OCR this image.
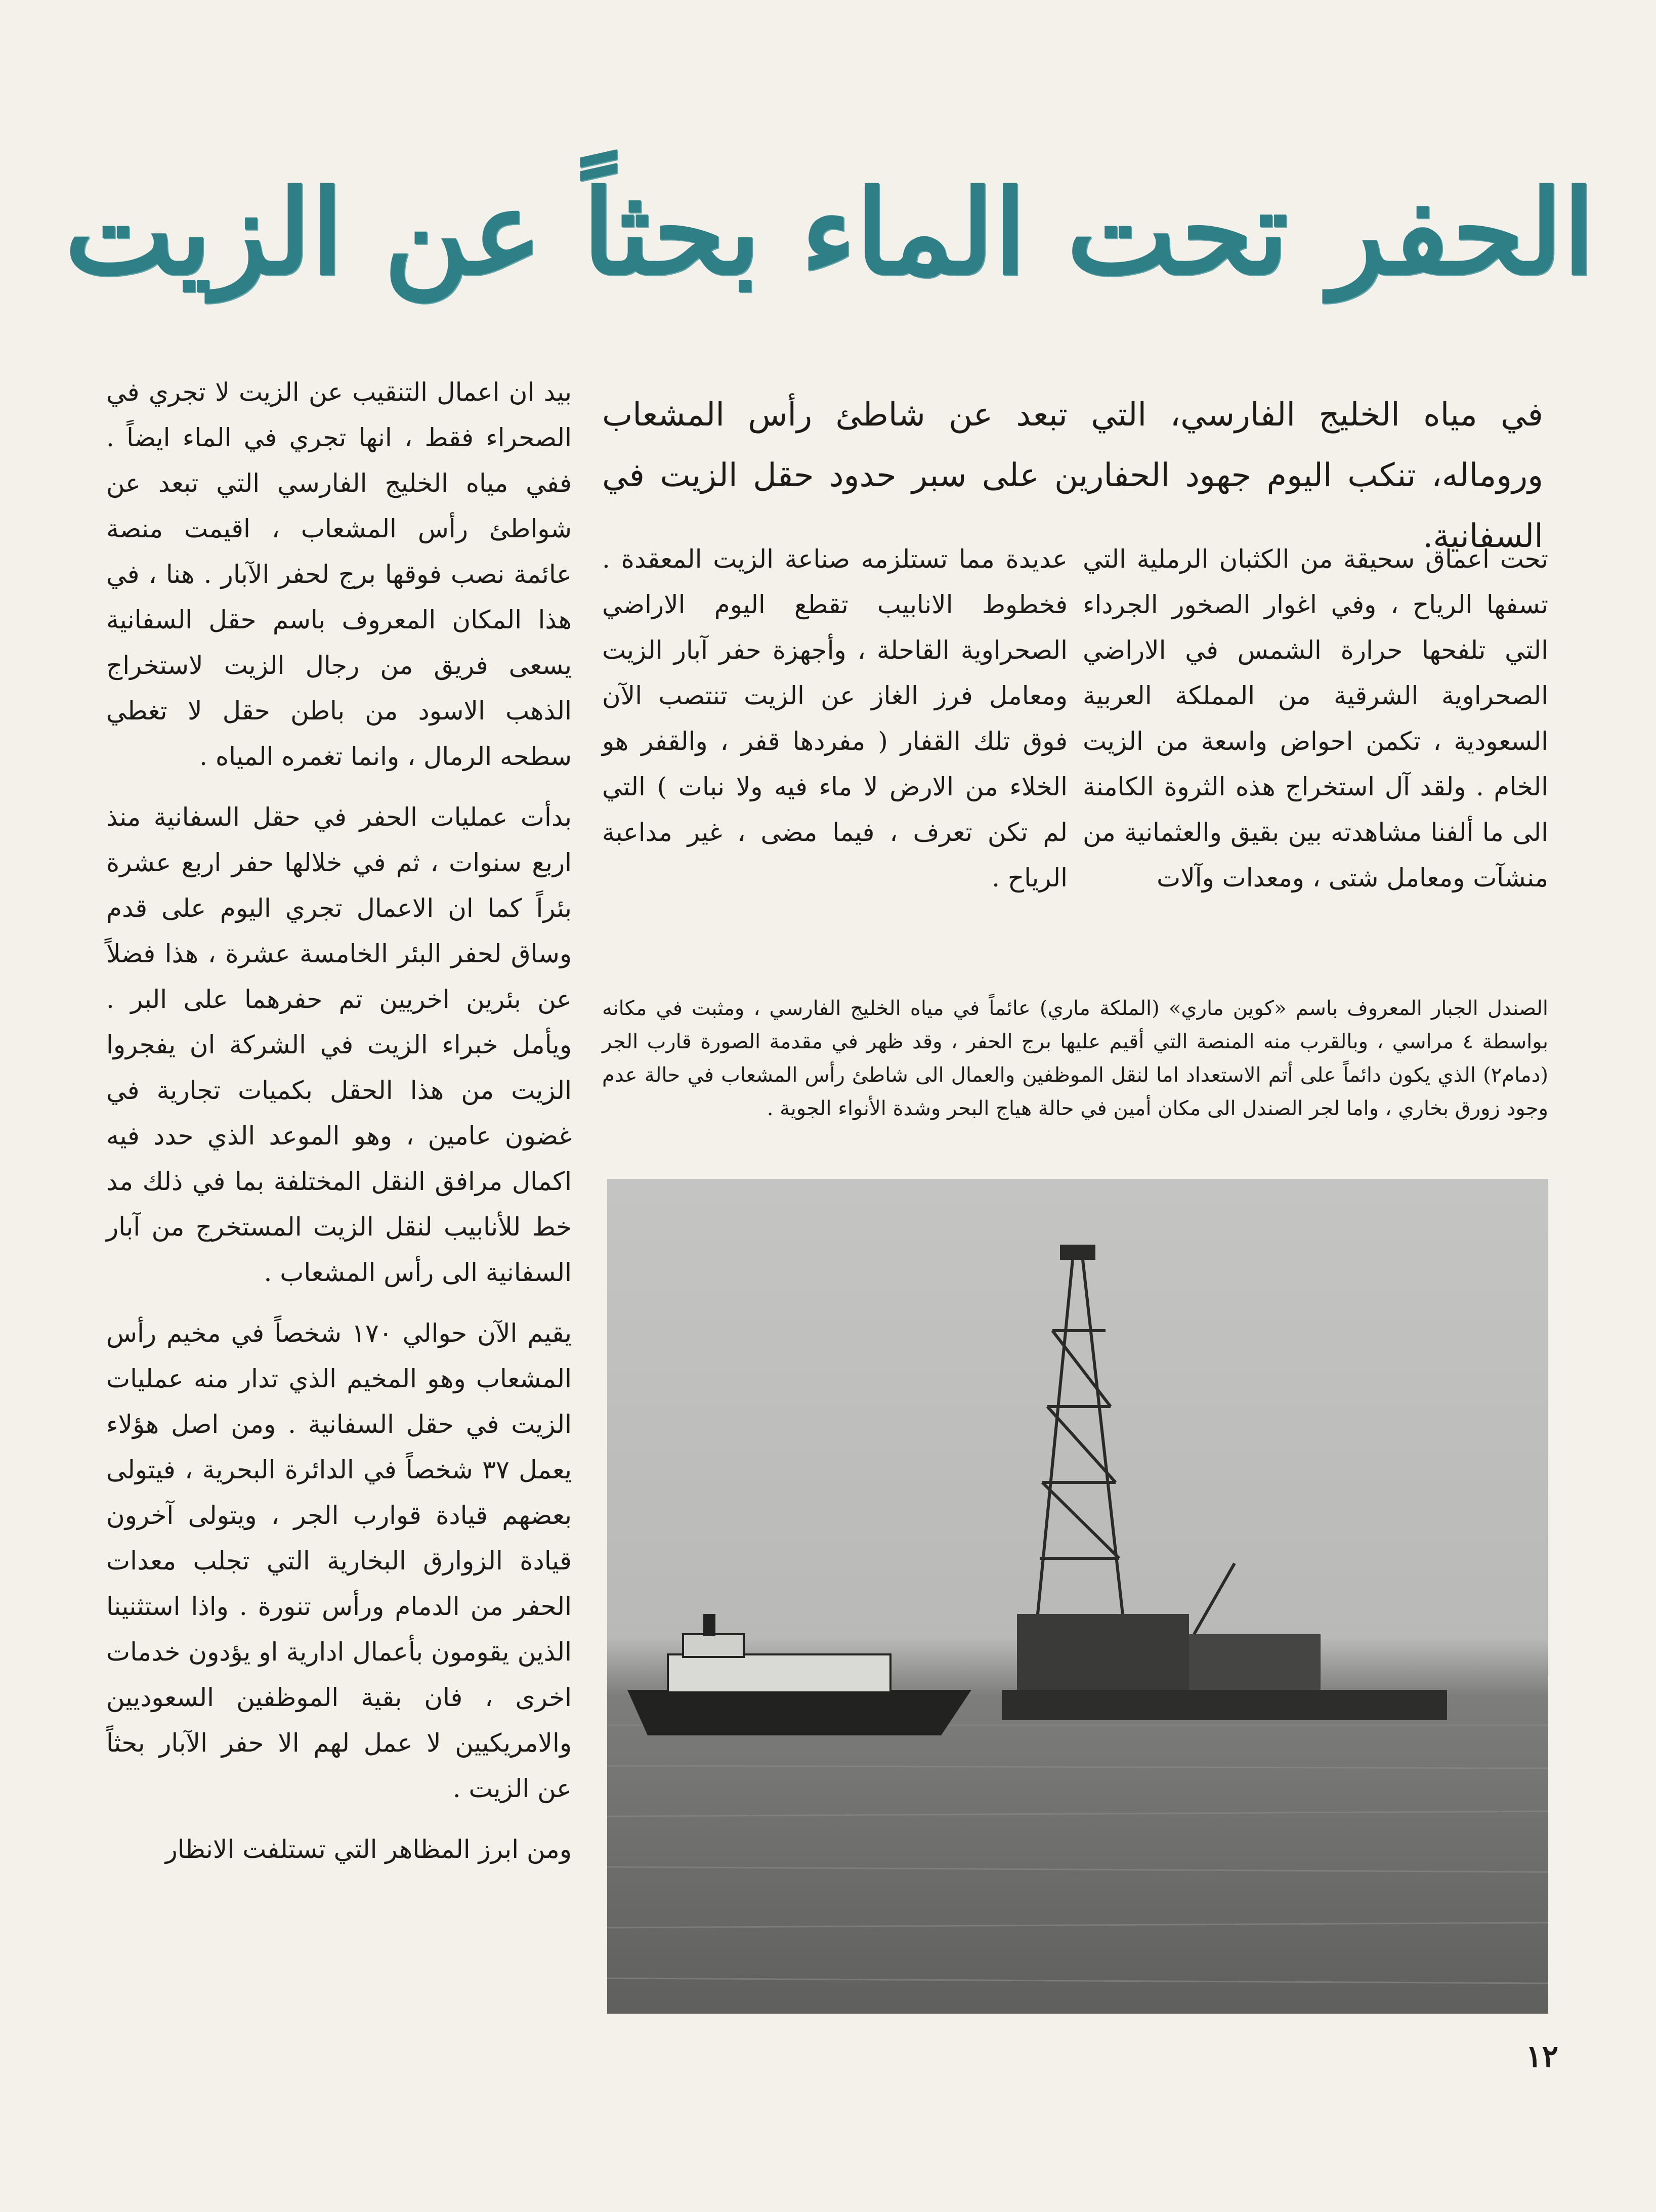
الحفر تحت الماء بحثاً عن الزيت
في مياه الخليج الفارسي، التي تبعد عن شاطئ رأس المشعاب وروماله، تنكب اليوم جهود الحفارين على سبر حدود حقل الزيت في السفانية.

تحت اعماق سحيقة من الكثبان الرملية التي تسفها الرياح ، وفي اغوار الصخور الجرداء التي تلفحها حرارة الشمس في الاراضي الصحراوية الشرقية من المملكة العربية السعودية ، تكمن احواض واسعة من الزيت الخام . ولقد آل استخراج هذه الثروة الكامنة الى ما ألفنا مشاهدته بين بقيق والعثمانية من منشآت ومعامل شتى ، ومعدات وآلات

عديدة مما تستلزمه صناعة الزيت المعقدة . فخطوط الانابيب تقطع اليوم الاراضي الصحراوية القاحلة ، وأجهزة حفر آبار الزيت ومعامل فرز الغاز عن الزيت تنتصب الآن فوق تلك القفار ( مفردها قفر ، والقفر هو الخلاء من الارض لا ماء فيه ولا نبات ) التي لم تكن تعرف ، فيما مضى ، غير مداعبة الرياح .

بيد ان اعمال التنقيب عن الزيت لا تجري في الصحراء فقط ، انها تجري في الماء ايضاً . ففي مياه الخليج الفارسي التي تبعد عن شواطئ رأس المشعاب ، اقيمت منصة عائمة نصب فوقها برج لحفر الآبار . هنا ، في هذا المكان المعروف باسم حقل السفانية يسعى فريق من رجال الزيت لاستخراج الذهب الاسود من باطن حقل لا تغطي سطحه الرمال ، وانما تغمره المياه .

بدأت عمليات الحفر في حقل السفانية منذ اربع سنوات ، ثم في خلالها حفر اربع عشرة بئراً كما ان الاعمال تجري اليوم على قدم وساق لحفر البئر الخامسة عشرة ، هذا فضلاً عن بئرين اخريين تم حفرهما على البر . ويأمل خبراء الزيت في الشركة ان يفجروا الزيت من هذا الحقل بكميات تجارية في غضون عامين ، وهو الموعد الذي حدد فيه اكمال مرافق النقل المختلفة بما في ذلك مد خط للأنابيب لنقل الزيت المستخرج من آبار السفانية الى رأس المشعاب .

يقيم الآن حوالي ١٧٠ شخصاً في مخيم رأس المشعاب وهو المخيم الذي تدار منه عمليات الزيت في حقل السفانية . ومن اصل هؤلاء يعمل ٣٧ شخصاً في الدائرة البحرية ، فيتولى بعضهم قيادة قوارب الجر ، ويتولى آخرون قيادة الزوارق البخارية التي تجلب معدات الحفر من الدمام ورأس تنورة . واذا استثنينا الذين يقومون بأعمال ادارية او يؤدون خدمات اخرى ، فان بقية الموظفين السعوديين والامريكيين لا عمل لهم الا حفر الآبار بحثاً عن الزيت .

ومن ابرز المظاهر التي تستلفت الانظار

الصندل الجبار المعروف باسم «كوين ماري» (الملكة ماري) عائماً في مياه الخليج الفارسي ، ومثبت في مكانه بواسطة ٤ مراسي ، وبالقرب منه المنصة التي أقيم عليها برج الحفر ، وقد ظهر في مقدمة الصورة قارب الجر (دمام٢) الذي يكون دائماً على أتم الاستعداد اما لنقل الموظفين والعمال الى شاطئ رأس المشعاب في حالة عدم وجود زورق بخاري ، واما لجر الصندل الى مكان أمين في حالة هياج البحر وشدة الأنواء الجوية .
١٢
